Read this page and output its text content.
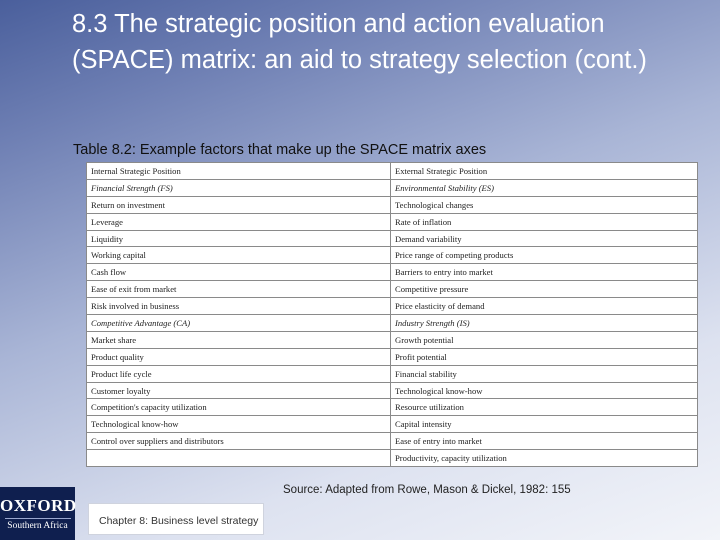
8.3 The strategic position and action evaluation (SPACE) matrix: an aid to strategy selection (cont.)
Table 8.2: Example factors that make up the SPACE matrix axes
Internal Strategic Position	External Strategic Position
Financial Strength (FS)	Environmental Stability (ES)
Return on investment	Technological changes
Leverage	Rate of inflation
Liquidity	Demand variability
Working capital	Price range of competing products
Cash flow	Barriers to entry into market
Ease of exit from market	Competitive pressure
Risk involved in business	Price elasticity of demand
Competitive Advantage (CA)	Industry Strength (IS)
Market share	Growth potential
Product quality	Profit potential
Product life cycle	Financial stability
Customer loyalty	Technological know-how
Competition's capacity utilization	Resource utilization
Technological know-how	Capital intensity
Control over suppliers and distributors	Ease of entry into market
	Productivity, capacity utilization
Source: Adapted from Rowe, Mason & Dickel, 1982: 155
OXFORD
Southern Africa	Chapter 8: Business level strategy
